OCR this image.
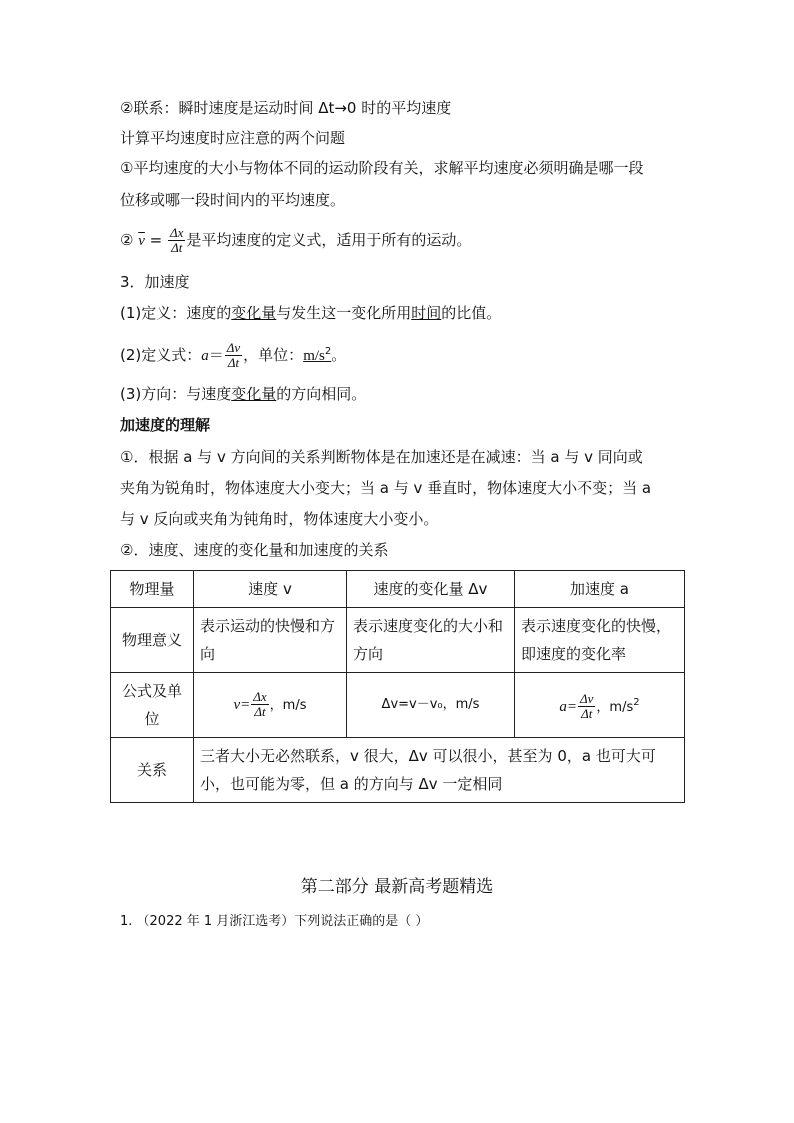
②联系：瞬时速度是运动时间 Δt→0 时的平均速度
计算平均速度时应注意的两个问题
①平均速度的大小与物体不同的运动阶段有关，求解平均速度必须明确是哪一段
位移或哪一段时间内的平均速度。
② $\overline{v} = \frac{\Delta x}{\Delta t}$ 是平均速度的定义式，适用于所有的运动。
3．加速度
(1)定义：速度的变化量与发生这一变化所用时间的比值。
(2)定义式：$a= \frac{\Delta v}{\Delta t}$ ，单位：$m/s^2$。
(3)方向：与速度变化量的方向相同。
加速度的理解
①．根据 a 与 v 方向间的关系判断物体是在加速还是在减速：当 a 与 v 同向或
夹角为锐角时，物体速度大小变大；当 a 与 v 垂直时，物体速度大小不变；当 a
与 v 反向或夹角为钝角时，物体速度大小变小。
②．速度、速度的变化量和加速度的关系
物理量	速度 v	速度的变化量 Δv	加速度 a
物理意义	表示运动的快慢和方向	表示速度变化的大小和方向	表示速度变化的快慢，即速度的变化率
公式及单位	$v= \frac{\Delta x}{\Delta t}$ ，m/s	Δv=v－v₀，m/s	$a= \frac{\Delta v}{\Delta t}$ ，$m/s^2$
关系	三者大小无必然联系，v 很大，Δv 可以很小，甚至为 0，a 也可大可小，也可能为零，但 a 的方向与 Δv 一定相同		
第二部分 最新高考题精选
1. （2022 年 1 月浙江选考）下列说法正确的是（ ）
